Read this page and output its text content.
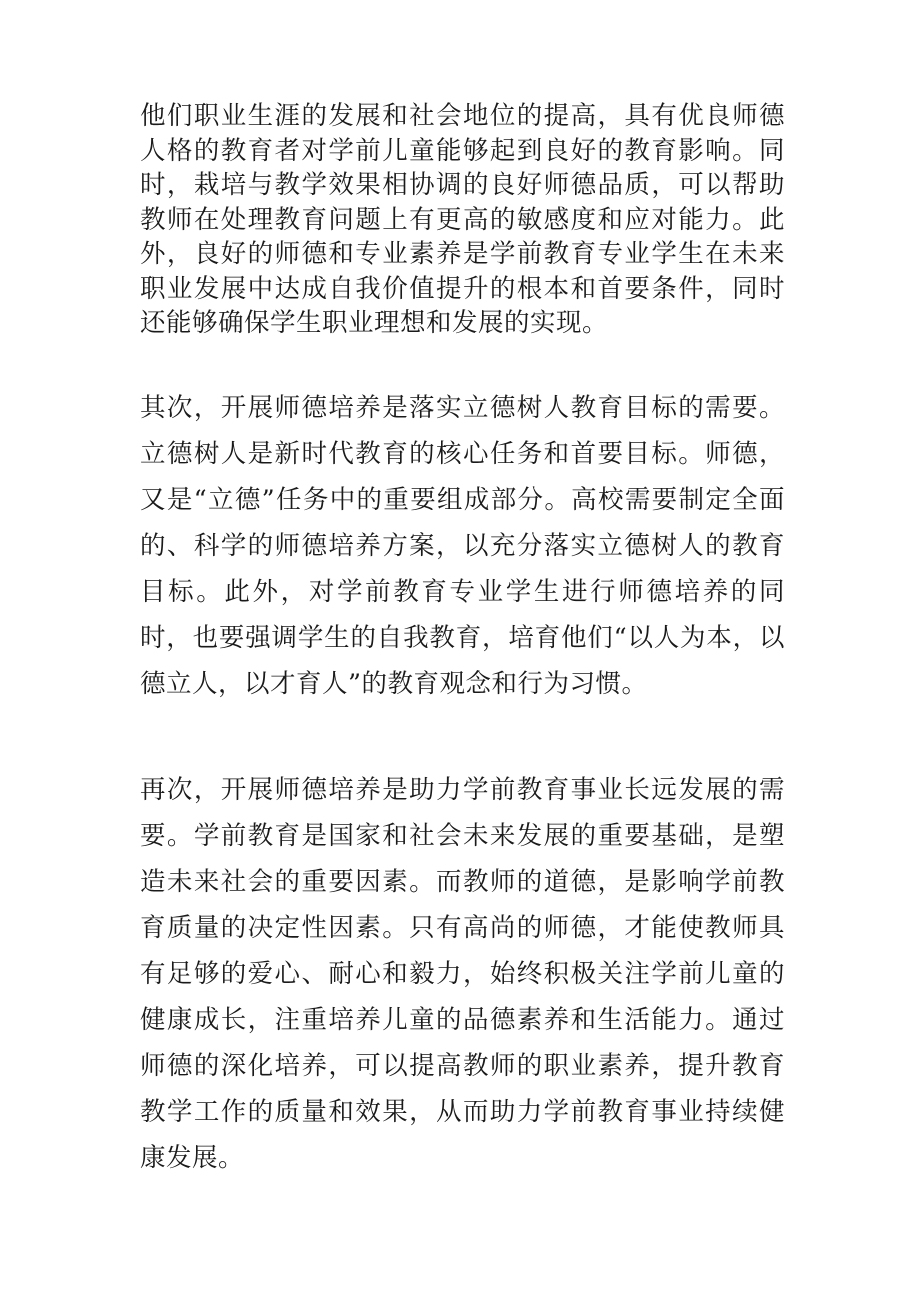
他们职业生涯的发展和社会地位的提高，具有优良师德人格的教育者对学前儿童能够起到良好的教育影响。同时，栽培与教学效果相协调的良好师德品质，可以帮助教师在处理教育问题上有更高的敏感度和应对能力。此外，良好的师德和专业素养是学前教育专业学生在未来职业发展中达成自我价值提升的根本和首要条件，同时还能够确保学生职业理想和发展的实现。

其次，开展师德培养是落实立德树人教育目标的需要。立德树人是新时代教育的核心任务和首要目标。师德，又是“立德”任务中的重要组成部分。高校需要制定全面的、科学的师德培养方案，以充分落实立德树人的教育目标。此外，对学前教育专业学生进行师德培养的同时，也要强调学生的自我教育，培育他们“以人为本，以德立人，以才育人”的教育观念和行为习惯。

再次，开展师德培养是助力学前教育事业长远发展的需要。学前教育是国家和社会未来发展的重要基础，是塑造未来社会的重要因素。而教师的道德，是影响学前教育质量的决定性因素。只有高尚的师德，才能使教师具有足够的爱心、耐心和毅力，始终积极关注学前儿童的健康成长，注重培养儿童的品德素养和生活能力。通过师德的深化培养，可以提高教师的职业素养，提升教育教学工作的质量和效果，从而助力学前教育事业持续健康发展。
